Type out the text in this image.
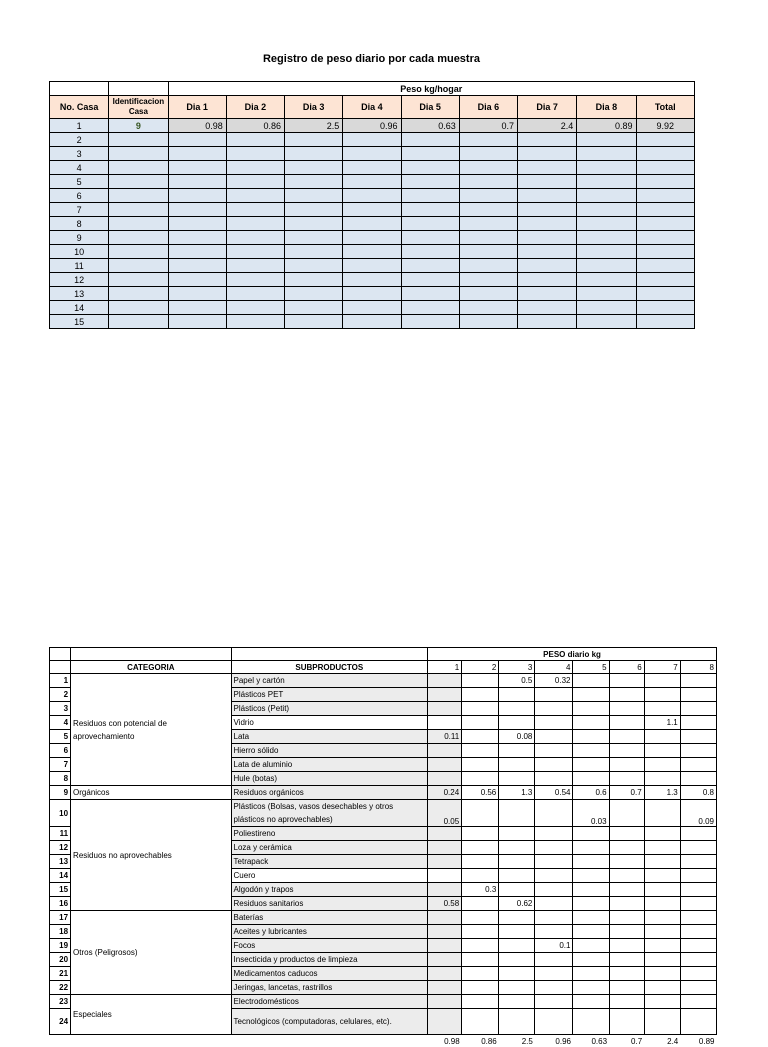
Registro de peso diario por cada muestra
		Peso kg/hogar								
No. Casa	Identificacion Casa	Dia 1	Dia 2	Dia 3	Dia 4	Dia 5	Dia 6	Dia 7	Dia 8	Total
1	9	0.98	0.86	2.5	0.96	0.63	0.7	2.4	0.89	9.92
2										
3										
4										
5										
6										
7										
8										
9										
10										
11										
12										
13										
14										
15										
			PESO diario kg							
	CATEGORIA	SUBPRODUCTOS	1	2	3	4	5	6	7	8
1	Residuos con potencial de aprovechamiento	Papel y cartón			0.5	0.32				
2		Plásticos PET								
3		Plásticos (Petit)								
4		Vidrio							1.1	
5		Lata	0.11		0.08					
6		Hierro sólido								
7		Lata de aluminio								
8		Hule (botas)								
9	Orgánicos	Residuos orgánicos	0.24	0.56	1.3	0.54	0.6	0.7	1.3	0.8
10	Residuos no aprovechables	Plásticos (Bolsas, vasos desechables y otros plásticos no aprovechables)	0.05				0.03			0.09
11		Poliestireno								
12		Loza y cerámica								
13		Tetrapack								
14		Cuero								
15		Algodón y trapos		0.3						
16		Residuos sanitarios	0.58		0.62					
17	Otros (Peligrosos)	Baterías								
18		Aceites y lubricantes								
19		Focos				0.1				
20		Insecticida y productos de limpieza								
21		Medicamentos caducos								
22		Jeringas, lancetas, rastrillos								
23	Especiales	Electrodomésticos								
24		Tecnológicos (computadoras, celulares, etc).								
			0.98	0.86	2.5	0.96	0.63	0.7	2.4	0.89
